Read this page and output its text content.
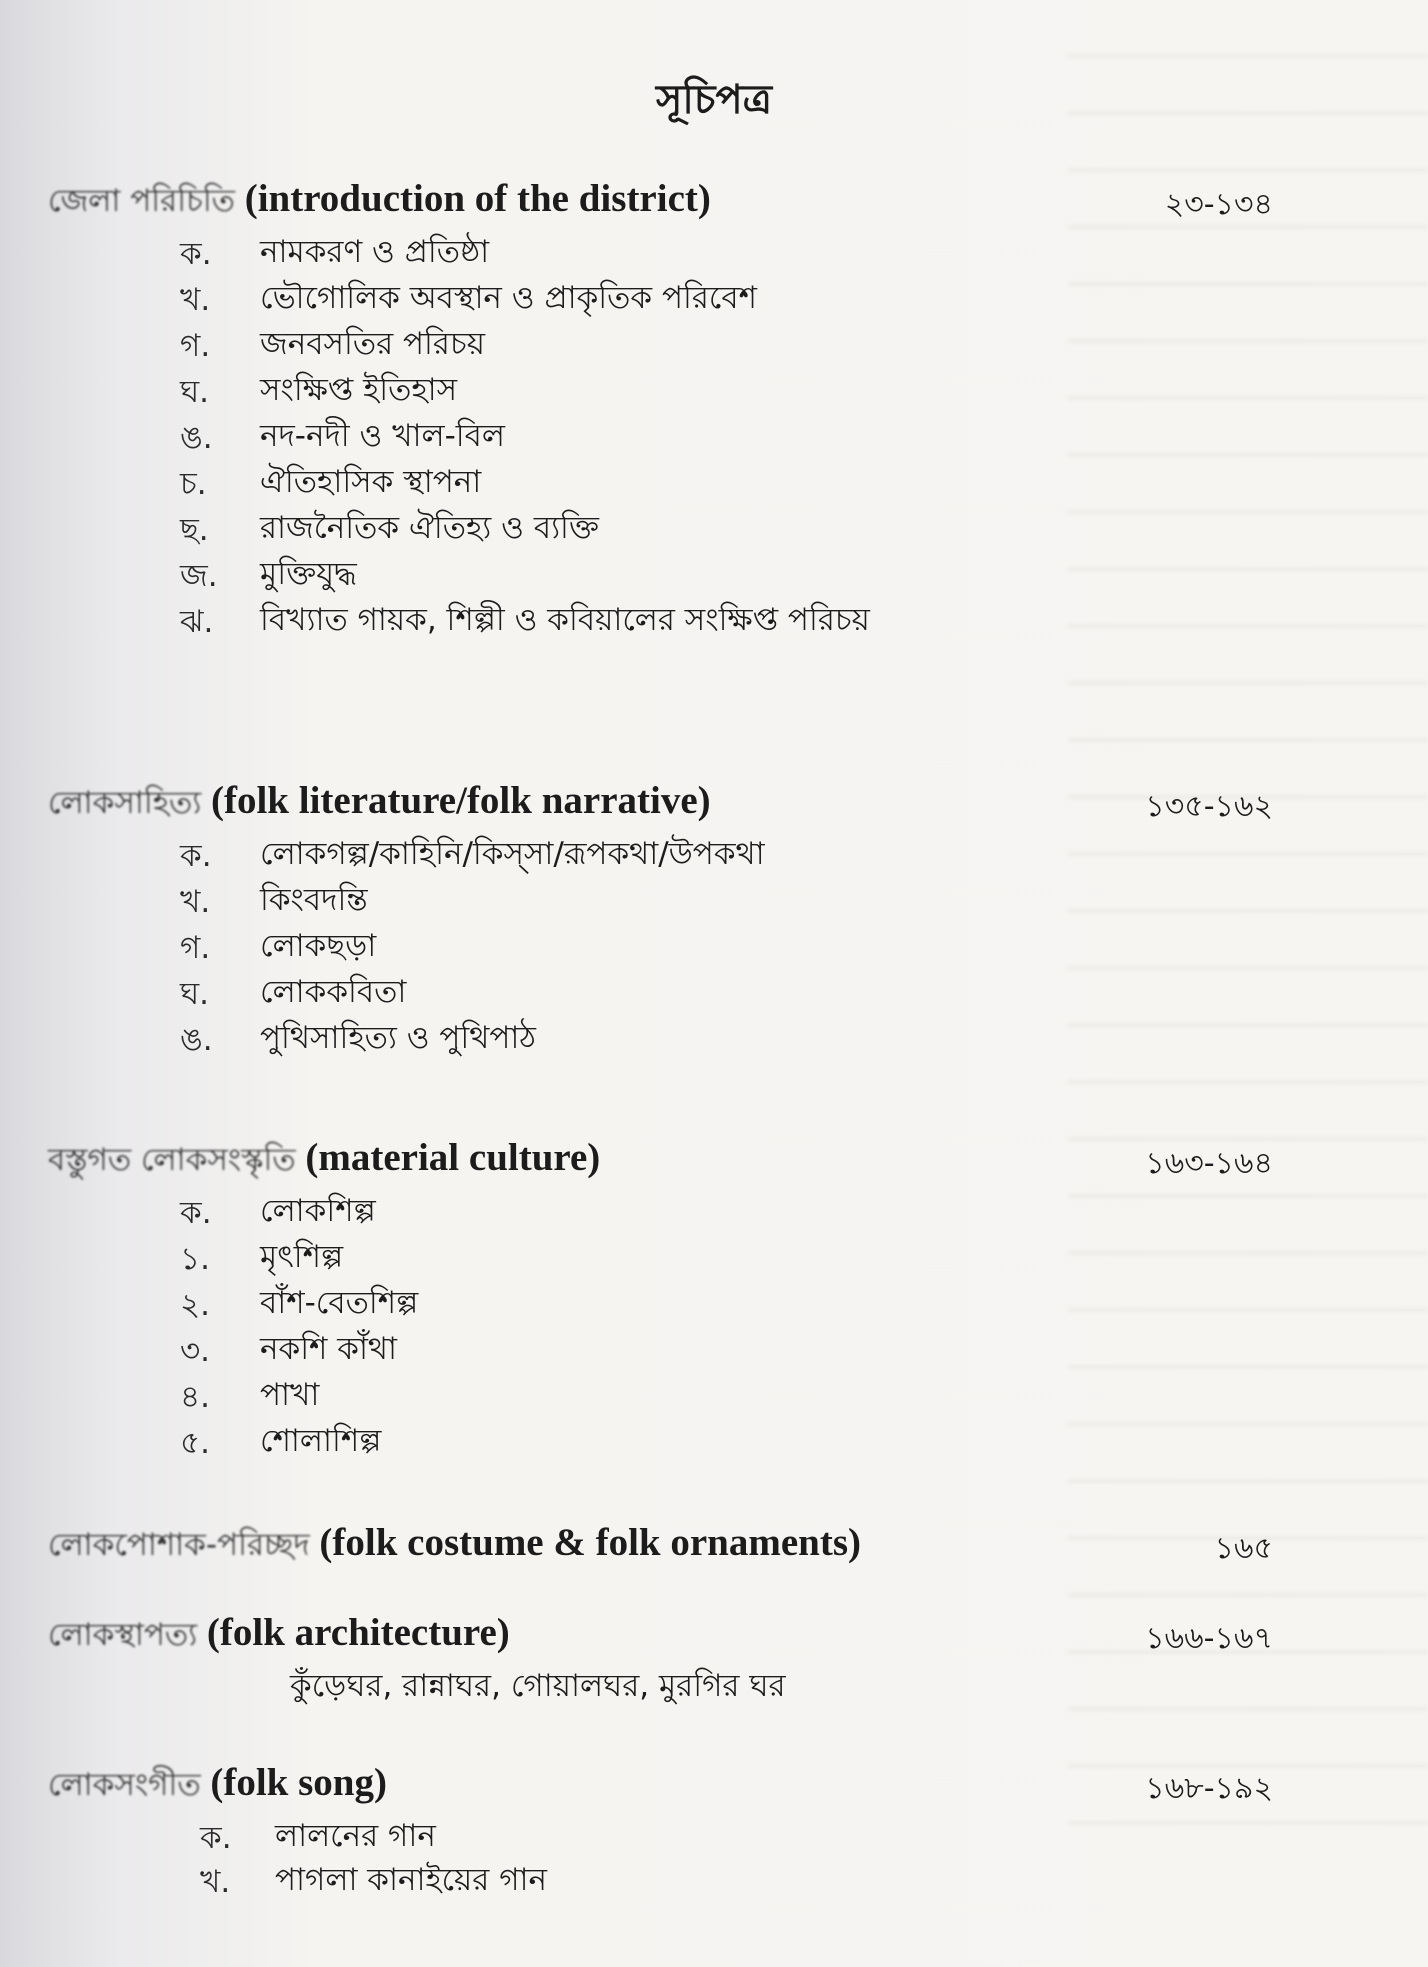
সূচিপত্র
জেলা পরিচিতি (introduction of the district)	২৩-১৩৪
ক.	নামকরণ ও প্রতিষ্ঠা
খ.	ভৌগোলিক অবস্থান ও প্রাকৃতিক পরিবেশ
গ.	জনবসতির পরিচয়
ঘ.	সংক্ষিপ্ত ইতিহাস
ঙ.	নদ-নদী ও খাল-বিল
চ.	ঐতিহাসিক স্থাপনা
ছ.	রাজনৈতিক ঐতিহ্য ও ব্যক্তি
জ.	মুক্তিযুদ্ধ
ঝ.	বিখ্যাত গায়ক, শিল্পী ও কবিয়ালের সংক্ষিপ্ত পরিচয়
লোকসাহিত্য (folk literature/folk narrative)	১৩৫-১৬২
ক.	লোকগল্প/কাহিনি/কিস্‌সা/রূপকথা/উপকথা
খ.	কিংবদন্তি
গ.	লোকছড়া
ঘ.	লোককবিতা
ঙ.	পুথিসাহিত্য ও পুথিপাঠ
বস্তুগত লোকসংস্কৃতি (material culture)	১৬৩-১৬৪
ক.	লোকশিল্প
১.	মৃৎশিল্প
২.	বাঁশ-বেতশিল্প
৩.	নকশি কাঁথা
৪.	পাখা
৫.	শোলাশিল্প
লোকপোশাক-পরিচ্ছদ (folk costume & folk ornaments)	১৬৫
লোকস্থাপত্য (folk architecture)	১৬৬-১৬৭
কুঁড়েঘর, রান্নাঘর, গোয়ালঘর, মুরগির ঘর
লোকসংগীত (folk song)	১৬৮-১৯২
ক.	লালনের গান
খ.	পাগলা কানাইয়ের গান
